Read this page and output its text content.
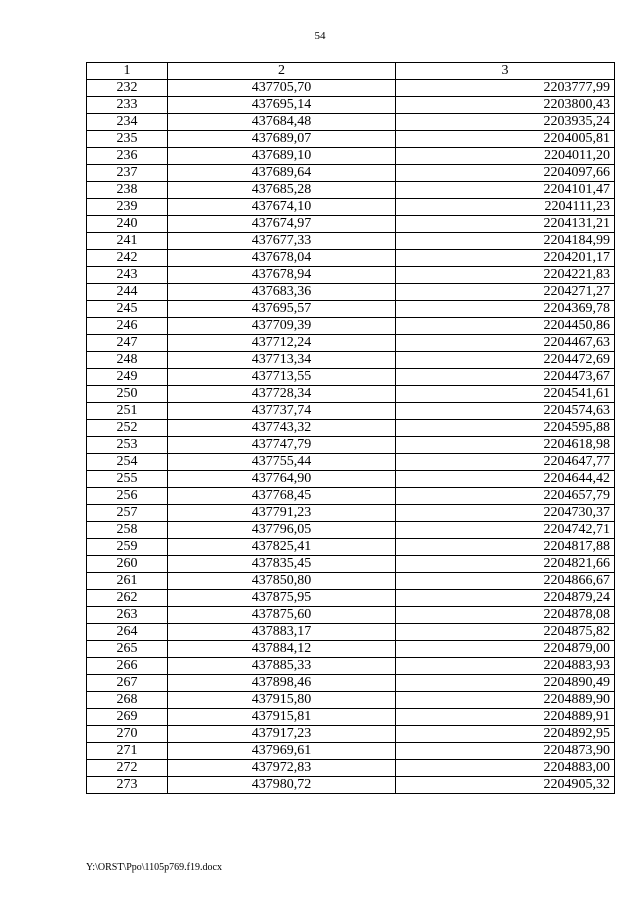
54
1	2	3
232	437705,70	2203777,99
233	437695,14	2203800,43
234	437684,48	2203935,24
235	437689,07	2204005,81
236	437689,10	2204011,20
237	437689,64	2204097,66
238	437685,28	2204101,47
239	437674,10	2204111,23
240	437674,97	2204131,21
241	437677,33	2204184,99
242	437678,04	2204201,17
243	437678,94	2204221,83
244	437683,36	2204271,27
245	437695,57	2204369,78
246	437709,39	2204450,86
247	437712,24	2204467,63
248	437713,34	2204472,69
249	437713,55	2204473,67
250	437728,34	2204541,61
251	437737,74	2204574,63
252	437743,32	2204595,88
253	437747,79	2204618,98
254	437755,44	2204647,77
255	437764,90	2204644,42
256	437768,45	2204657,79
257	437791,23	2204730,37
258	437796,05	2204742,71
259	437825,41	2204817,88
260	437835,45	2204821,66
261	437850,80	2204866,67
262	437875,95	2204879,24
263	437875,60	2204878,08
264	437883,17	2204875,82
265	437884,12	2204879,00
266	437885,33	2204883,93
267	437898,46	2204890,49
268	437915,80	2204889,90
269	437915,81	2204889,91
270	437917,23	2204892,95
271	437969,61	2204873,90
272	437972,83	2204883,00
273	437980,72	2204905,32
Y:\ORST\Ppo\1105p769.f19.docx
